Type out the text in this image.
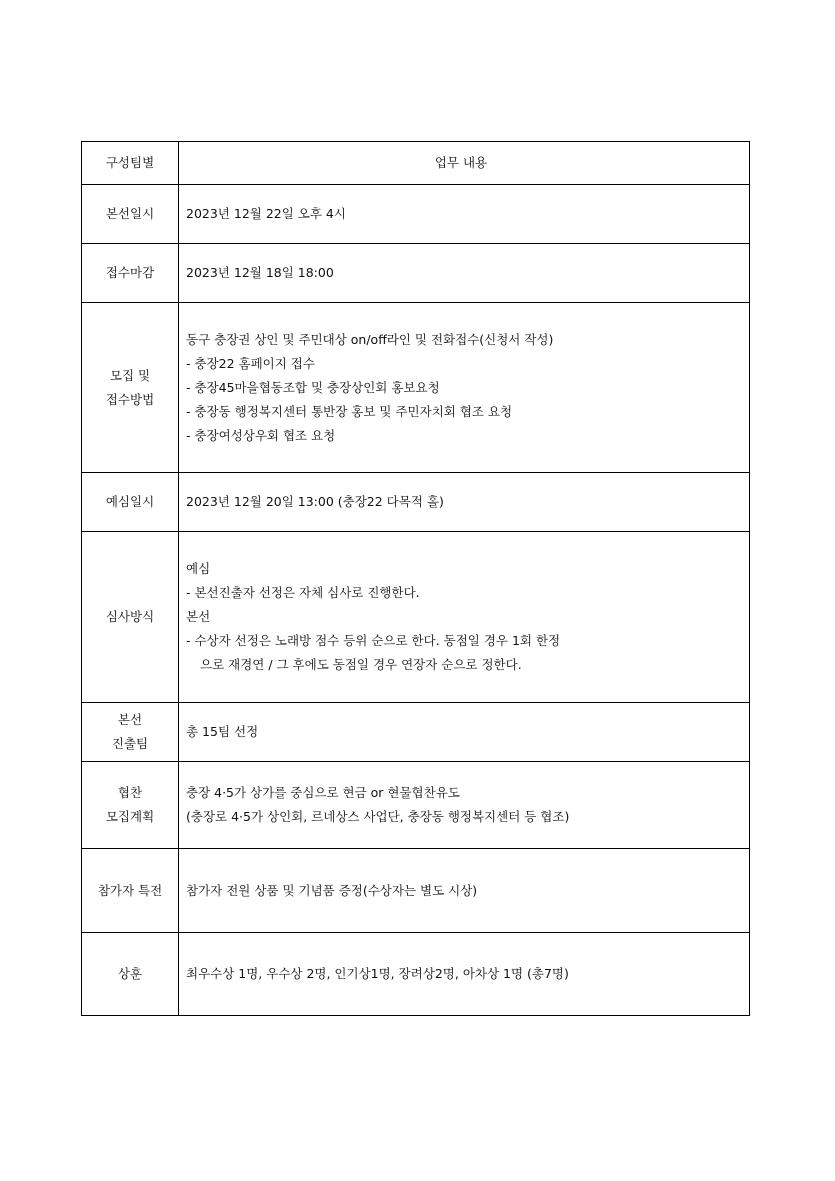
구성팀별	업무 내용

본선일시	2023년 12월 22일 오후 4시

접수마감	2023년 12월 18일 18:00

모집 및
접수방법	동구 충장권 상인 및 주민대상 on/off라인 및 전화접수(신청서 작성)
- 충장22 홈페이지 접수
- 충장45마을협동조합 및 충장상인회 홍보요청
- 충장동 행정복지센터 통반장 홍보 및 주민자치회 협조 요청
- 충장여성상우회 협조 요청

예심일시	2023년 12월 20일 13:00 (충장22 다목적 홀)

심사방식	예심
- 본선진출자 선정은 자체 심사로 진행한다.
본선
- 수상자 선정은 노래방 점수 등위 순으로 한다. 동점일 경우 1회 한정
으로 재경연 / 그 후에도 동점일 경우 연장자 순으로 정한다.

본선
진출팀	총 15팀 선정

협찬
모집계획	충장 4·5가 상가를 중심으로 현금 or 현물협찬유도
(충장로 4·5가 상인회, 르네상스 사업단, 충장동 행정복지센터 등 협조)

참가자 특전	참가자 전원 상품 및 기념품 증정(수상자는 별도 시상)

상훈	최우수상 1명, 우수상 2명, 인기상1명, 장려상2명, 아차상 1명 (총7명)
